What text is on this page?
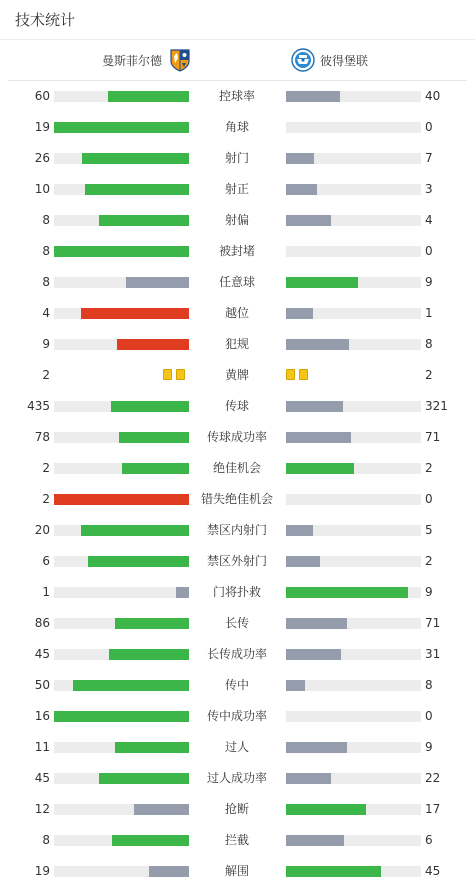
技术统计
曼斯菲尔德	彼得堡联
60	控球率	40
19	角球	0
26	射门	7
10	射正	3
8	射偏	4
8	被封堵	0
8	任意球	9
4	越位	1
9	犯规	8
2	黄牌	2
435	传球	321
78	传球成功率	71
2	绝佳机会	2
2	错失绝佳机会	0
20	禁区内射门	5
6	禁区外射门	2
1	门将扑救	9
86	长传	71
45	长传成功率	31
50	传中	8
16	传中成功率	0
11	过人	9
45	过人成功率	22
12	抢断	17
8	拦截	6
19	解围	45
